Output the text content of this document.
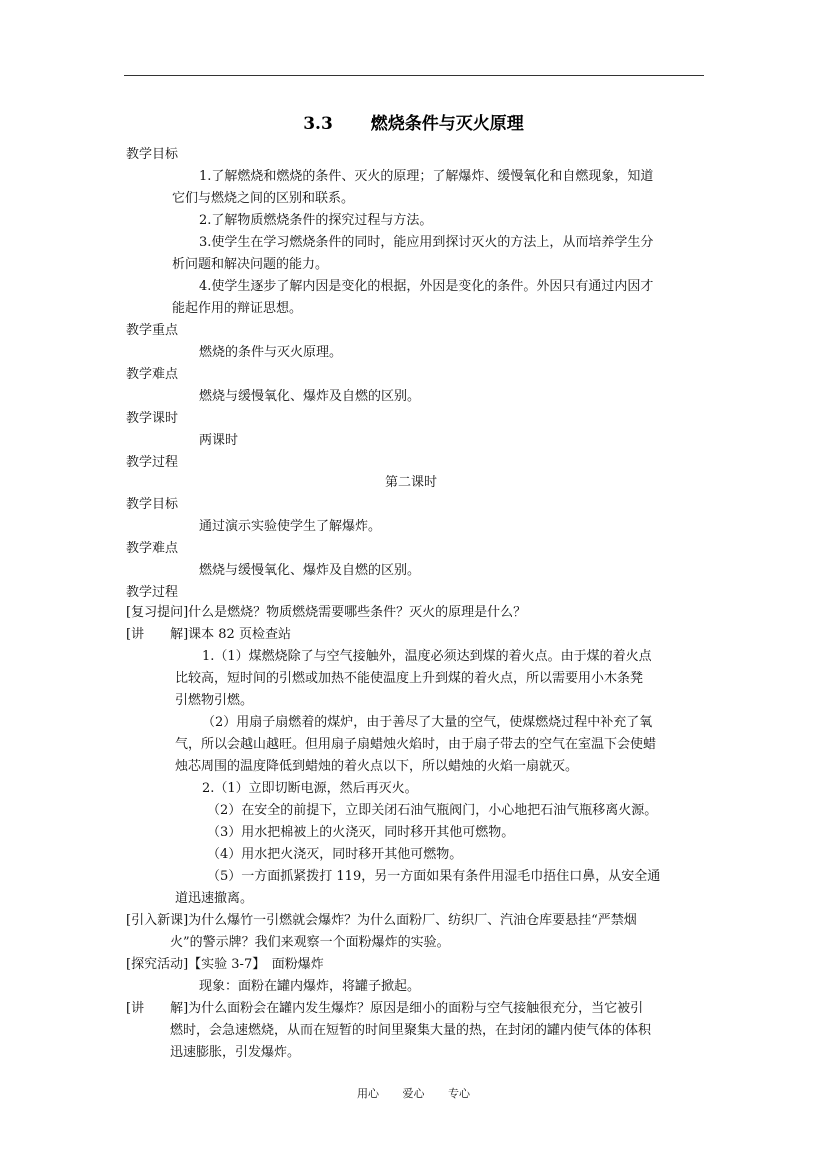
3.3 燃烧条件与灭火原理
教学目标
1.了解燃烧和燃烧的条件、灭火的原理；了解爆炸、缓慢氧化和自燃现象，知道
它们与燃烧之间的区别和联系。
2.了解物质燃烧条件的探究过程与方法。
3.使学生在学习燃烧条件的同时，能应用到探讨灭火的方法上，从而培养学生分
析问题和解决问题的能力。
4.使学生逐步了解内因是变化的根据，外因是变化的条件。外因只有通过内因才
能起作用的辩证思想。
教学重点
燃烧的条件与灭火原理。
教学难点
燃烧与缓慢氧化、爆炸及自燃的区别。
教学课时
两课时
教学过程
第二课时
教学目标
通过演示实验使学生了解爆炸。
教学难点
燃烧与缓慢氧化、爆炸及自燃的区别。
教学过程
[复习提问]什么是燃烧？物质燃烧需要哪些条件？灭火的原理是什么？
[讲　　解]课本 82 页检查站
1.（1）煤燃烧除了与空气接触外，温度必须达到煤的着火点。由于煤的着火点
比较高，短时间的引燃或加热不能使温度上升到煤的着火点，所以需要用小木条凳
引燃物引燃。
（2）用扇子扇燃着的煤炉，由于善尽了大量的空气，使煤燃烧过程中补充了氧
气，所以会越山越旺。但用扇子扇蜡烛火焰时，由于扇子带去的空气在室温下会使蜡
烛芯周围的温度降低到蜡烛的着火点以下，所以蜡烛的火焰一扇就灭。
2.（1）立即切断电源，然后再灭火。
（2）在安全的前提下，立即关闭石油气瓶阀门，小心地把石油气瓶移离火源。
（3）用水把棉被上的火浇灭，同时移开其他可燃物。
（4）用水把火浇灭，同时移开其他可燃物。
（5）一方面抓紧拨打 119，另一方面如果有条件用湿毛巾捂住口鼻，从安全通
道迅速撤离。
[引入新课]为什么爆竹一引燃就会爆炸？为什么面粉厂、纺织厂、汽油仓库要悬挂“严禁烟
火”的警示牌？我们来观察一个面粉爆炸的实验。
[探究活动]【实验 3-7】　面粉爆炸
现象：面粉在罐内爆炸，将罐子掀起。
[讲　　解]为什么面粉会在罐内发生爆炸？原因是细小的面粉与空气接触很充分，当它被引
燃时，会急速燃烧，从而在短暂的时间里聚集大量的热，在封闭的罐内使气体的体积
迅速膨胀，引发爆炸。
用心 爱心 专心
